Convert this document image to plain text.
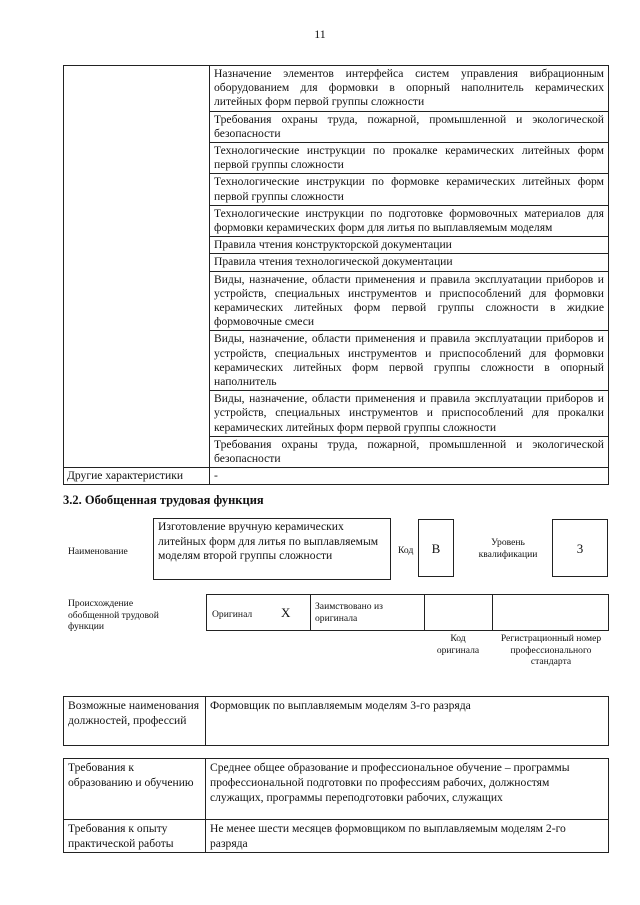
11
	Назначение элементов интерфейса систем управления вибрационным оборудованием для формовки в опорный наполнитель керамических литейных форм первой группы сложности
	Требования охраны труда, пожарной, промышленной и экологической безопасности
	Технологические инструкции по прокалке керамических литейных форм первой группы сложности
	Технологические инструкции по формовке керамических литейных форм первой группы сложности
	Технологические инструкции по подготовке формовочных материалов для формовки керамических форм для литья по выплавляемым моделям
	Правила чтения конструкторской документации
	Правила чтения технологической документации
	Виды, назначение, области применения и правила эксплуатации приборов и устройств, специальных инструментов и приспособлений для формовки керамических литейных форм первой группы сложности в жидкие формовочные смеси
	Виды, назначение, области применения и правила эксплуатации приборов и устройств, специальных инструментов и приспособлений для формовки керамических литейных форм первой группы сложности в опорный наполнитель
	Виды, назначение, области применения и правила эксплуатации приборов и устройств, специальных инструментов и приспособлений для прокалки керамических литейных форм первой группы сложности
	Требования охраны труда, пожарной, промышленной и экологической безопасности
Другие характеристики	-
3.2. Обобщенная трудовая функция
Наименование
Изготовление вручную керамических литейных форм для литья по выплавляемым моделям второй группы сложности	Код	B	Уровень квалификации	3
Происхождение обобщенной трудовой функции
Оригинал X	Заимствовано из оригинала
Код оригинала
Регистрационный номер профессионального стандарта
Возможные наименования должностей, профессий	Формовщик по выплавляемым моделям 3-го разряда
Требования к образованию и обучению	Среднее общее образование и профессиональное обучение – программы профессиональной подготовки по профессиям рабочих, должностям служащих, программы переподготовки рабочих, служащих
Требования к опыту практической работы	Не менее шести месяцев формовщиком по выплавляемым моделям 2-го разряда
